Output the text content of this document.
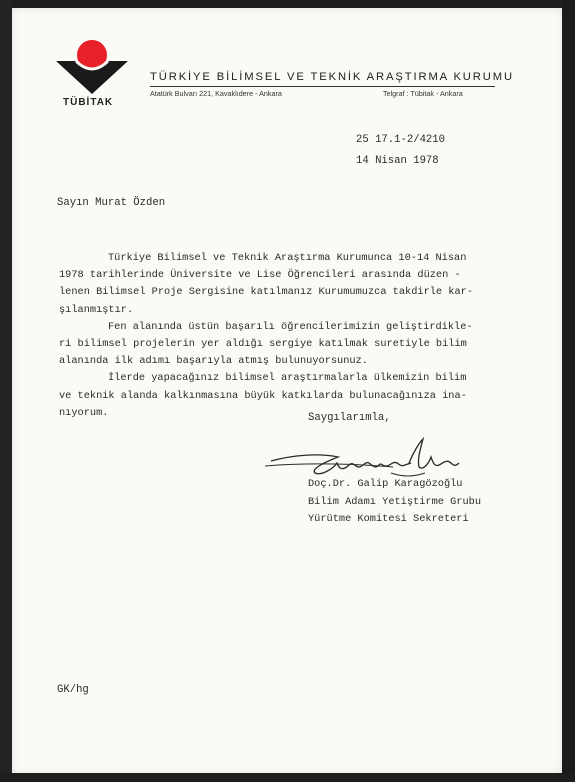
TÜBİTAK
TÜRKİYE BİLİMSEL VE TEKNİK ARAŞTIRMA KURUMU
Atatürk Bulvarı 221, Kavaklıdere - Ankara	Telgraf : Tübitak - Ankara
25 17.1-2/4210
14 Nisan 1978
Sayın Murat Özden
Türkiye Bilimsel ve Teknik Araştırma Kurumunca 10-14 Nisan
1978 tarihlerinde Üniversite ve Lise Öğrencileri arasında düzen -
lenen Bilimsel Proje Sergisine katılmanız Kurumumuzca takdirle kar-
şılanmıştır.
Fen alanında üstün başarılı öğrencilerimizin geliştirdikle-
ri bilimsel projelerin yer aldığı sergiye katılmak suretiyle bilim
alanında ilk adımı başarıyla atmış bulunuyorsunuz.
İlerde yapacağınız bilimsel araştırmalarla ülkemizin bilim
ve teknik alanda kalkınmasına büyük katkılarda bulunacağınıza ina-
nıyorum.	Saygılarımla,
Doç.Dr. Galip Karagözoğlu
Bilim Adamı Yetiştirme Grubu
Yürütme Komitesi Sekreteri
GK/hg
